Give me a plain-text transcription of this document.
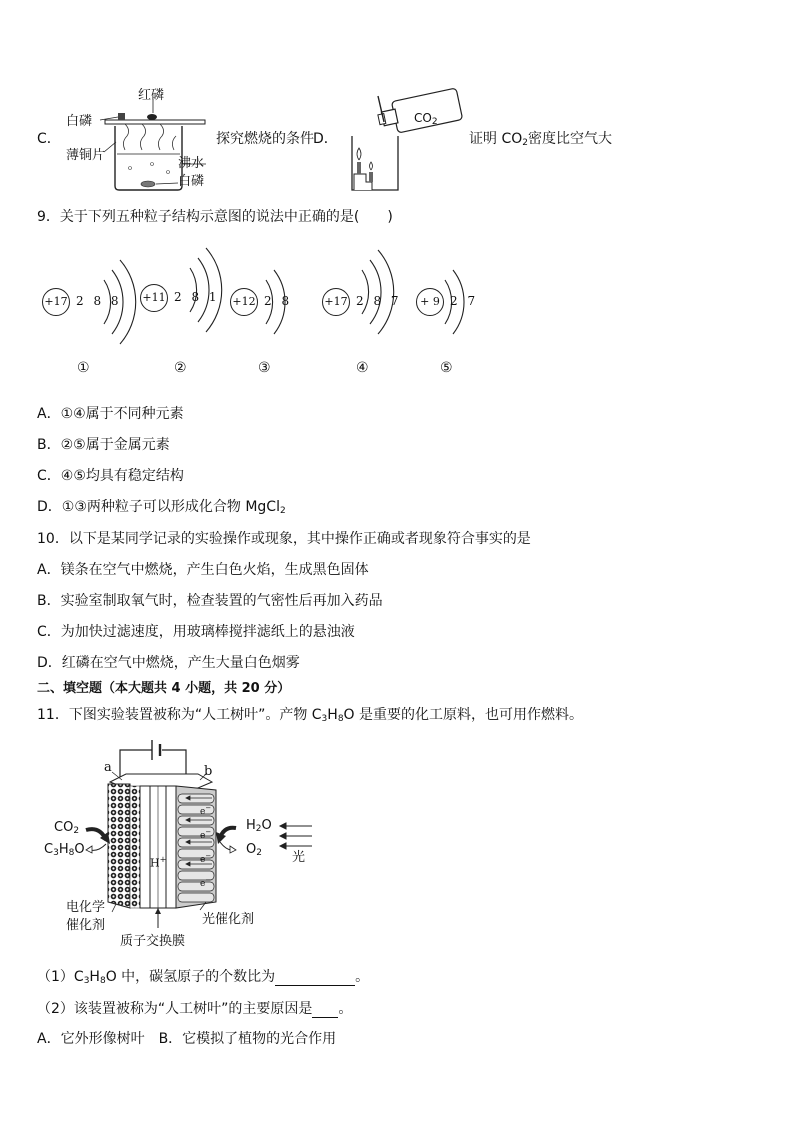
C．
红磷
白磷
薄铜片
沸水
白磷
探究燃烧的条件 D．
$CO_2$
证明 $CO_2$密度比空气大
9．关于下列五种粒子结构示意图的说法中正确的是(　　)
+17 2 8 8
①
+11 2 8 1
②
+12 2 8
③
+17 2 8 7
④
+ 9 2 7
⑤
A．①④属于不同种元素
B．②⑤属于金属元素
C．④⑤均具有稳定结构
D．①③两种粒子可以形成化合物 MgCl$_2$
10．以下是某同学记录的实验操作或现象，其中操作正确或者现象符合事实的是
A．镁条在空气中燃烧，产生白色火焰，生成黑色固体
B．实验室制取氧气时，检查装置的气密性后再加入药品
C．为加快过滤速度，用玻璃棒搅拌滤纸上的悬浊液
D．红磷在空气中燃烧，产生大量白色烟雾
二、填空题（本大题共 4 小题，共 20 分）
11．下图实验装置被称为“人工树叶”。产物 $C_3H_8O$ 是重要的化工原料，也可用作燃料。
a	b
$CO_2$
$C_3H_8O$
$H_2O$
$O_2$ 光
H+
电化学
催化剂
质子交换膜
光催化剂
e−
e−
e−
e−
$(1)C_3H_8O$ 中，碳氢原子的个数比为	。
（2）该装置被称为“人工树叶”的主要原因是 。
A．它外形像树叶　B．它模拟了植物的光合作用
